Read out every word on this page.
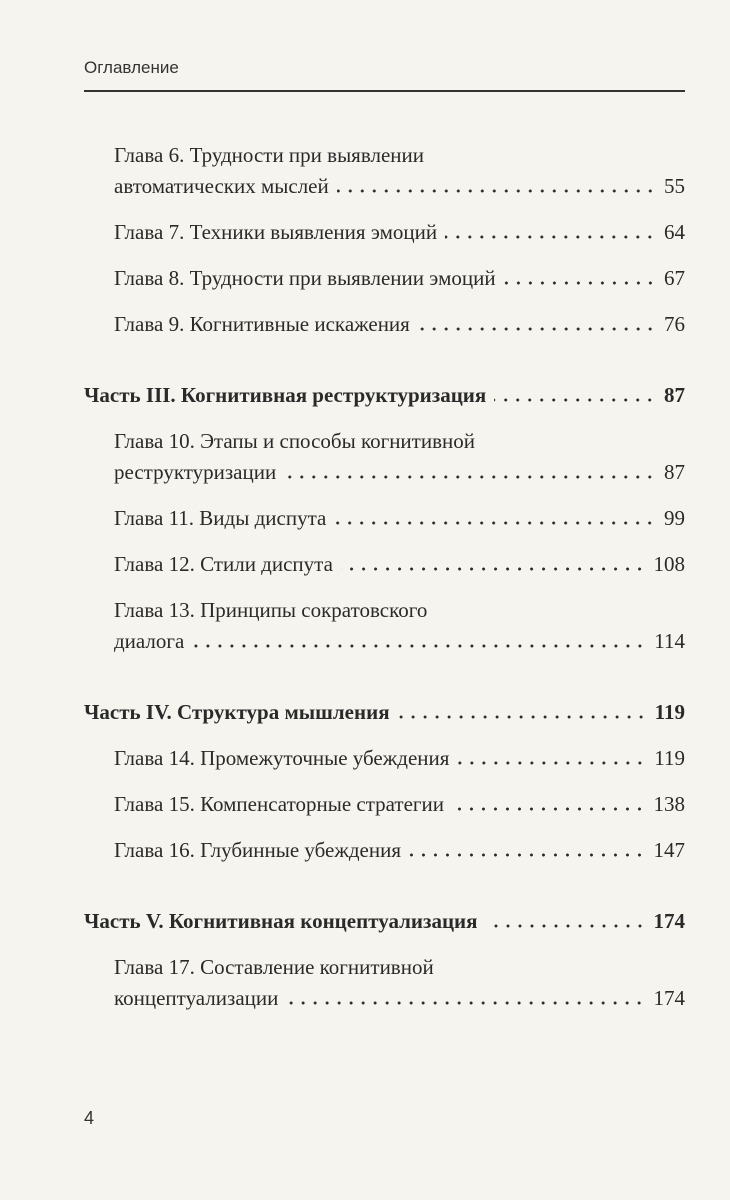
Оглавление
Глава 6. Трудности при выявлении
автоматических мыслей	55
Глава 7. Техники выявления эмоций	64
Глава 8. Трудности при выявлении эмоций	67
Глава 9. Когнитивные искажения	76
Часть III. Когнитивная реструктуризация	87
Глава 10. Этапы и способы когнитивной
реструктуризации	87
Глава 11. Виды диспута	99
Глава 12. Стили диспута	108
Глава 13. Принципы сократовского
диалога	114
Часть IV. Структура мышления	119
Глава 14. Промежуточные убеждения	119
Глава 15. Компенсаторные стратегии	138
Глава 16. Глубинные убеждения	147
Часть V. Когнитивная концептуализация	174
Глава 17. Составление когнитивной
концептуализации	174
4
